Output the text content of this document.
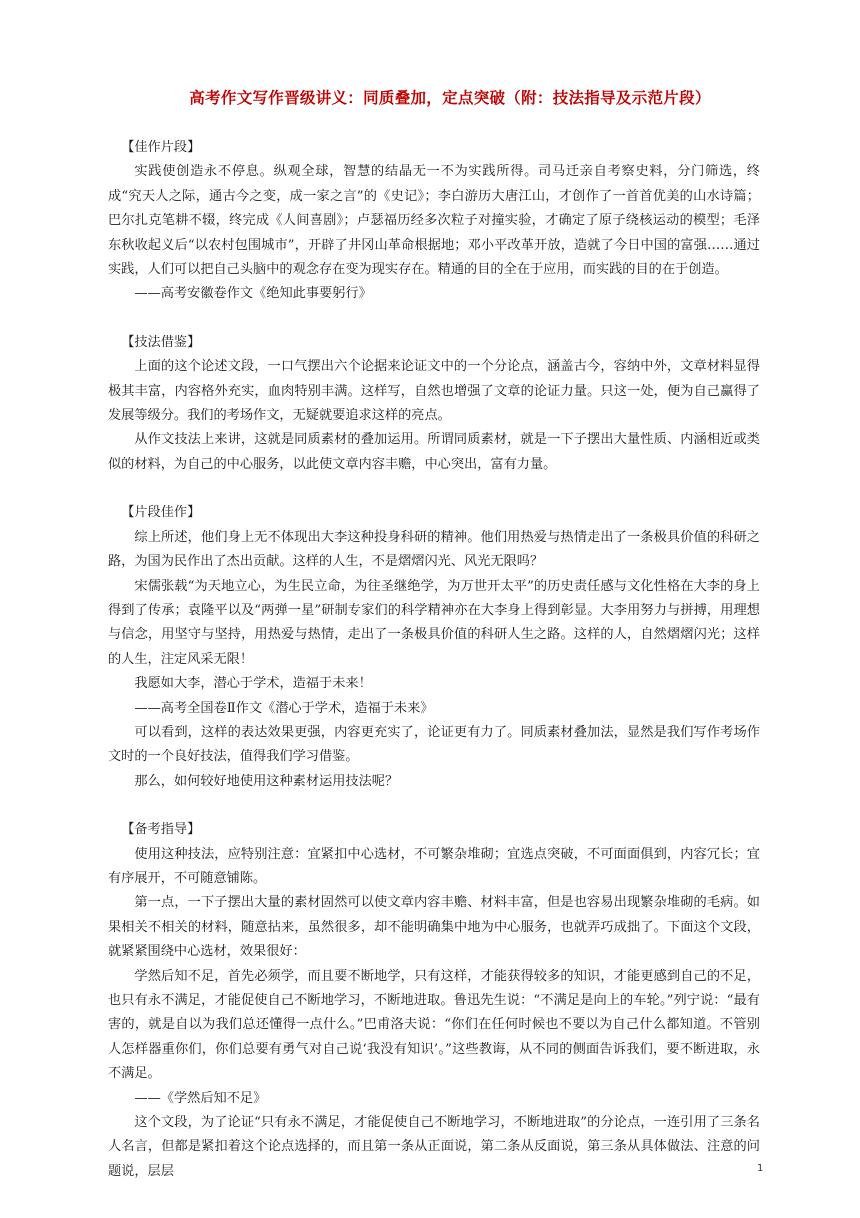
高考作文写作晋级讲义：同质叠加，定点突破（附：技法指导及示范片段）

【佳作片段】

实践使创造永不停息。纵观全球，智慧的结晶无一不为实践所得。司马迁亲自考察史料，分门筛选，终成“究天人之际，通古今之变，成一家之言”的《史记》；李白游历大唐江山，才创作了一首首优美的山水诗篇；巴尔扎克笔耕不辍，终完成《人间喜剧》；卢瑟福历经多次粒子对撞实验，才确定了原子绕核运动的模型；毛泽东秋收起义后“以农村包围城市”，开辟了井冈山革命根据地；邓小平改革开放，造就了今日中国的富强……通过实践，人们可以把自己头脑中的观念存在变为现实存在。精通的目的全在于应用，而实践的目的在于创造。

——高考安徽卷作文《绝知此事要躬行》

【技法借鉴】

上面的这个论述文段，一口气摆出六个论据来论证文中的一个分论点，涵盖古今，容纳中外，文章材料显得极其丰富，内容格外充实，血肉特别丰满。这样写，自然也增强了文章的论证力量。只这一处，便为自己赢得了发展等级分。我们的考场作文，无疑就要追求这样的亮点。

从作文技法上来讲，这就是同质素材的叠加运用。所谓同质素材，就是一下子摆出大量性质、内涵相近或类似的材料，为自己的中心服务，以此使文章内容丰赡，中心突出，富有力量。

【片段佳作】

综上所述，他们身上无不体现出大李这种投身科研的精神。他们用热爱与热情走出了一条极具价值的科研之路，为国为民作出了杰出贡献。这样的人生，不是熠熠闪光、风光无限吗？

宋儒张载“为天地立心，为生民立命，为往圣继绝学，为万世开太平”的历史责任感与文化性格在大李的身上得到了传承；袁隆平以及“两弹一星”研制专家们的科学精神亦在大李身上得到彰显。大李用努力与拼搏，用理想与信念，用坚守与坚持，用热爱与热情，走出了一条极具价值的科研人生之路。这样的人，自然熠熠闪光；这样的人生，注定风采无限！

我愿如大李，潜心于学术，造福于未来！

——高考全国卷Ⅱ作文《潜心于学术，造福于未来》

可以看到，这样的表达效果更强，内容更充实了，论证更有力了。同质素材叠加法，显然是我们写作考场作文时的一个良好技法，值得我们学习借鉴。

那么，如何较好地使用这种素材运用技法呢？

【备考指导】

使用这种技法，应特别注意：宜紧扣中心选材，不可繁杂堆砌；宜选点突破，不可面面俱到，内容冗长；宜有序展开，不可随意铺陈。

第一点，一下子摆出大量的素材固然可以使文章内容丰赡、材料丰富，但是也容易出现繁杂堆砌的毛病。如果相关不相关的材料，随意拈来，虽然很多，却不能明确集中地为中心服务，也就弄巧成拙了。下面这个文段，就紧紧围绕中心选材，效果很好：

学然后知不足，首先必须学，而且要不断地学，只有这样，才能获得较多的知识，才能更感到自己的不足，也只有永不满足，才能促使自己不断地学习，不断地进取。鲁迅先生说：“不满足是向上的车轮。”列宁说：“最有害的，就是自以为我们总还懂得一点什么。”巴甫洛夫说：“你们在任何时候也不要以为自己什么都知道。不管别人怎样器重你们，你们总要有勇气对自己说‘我没有知识’。”这些教诲，从不同的侧面告诉我们，要不断进取，永不满足。

——《学然后知不足》

这个文段，为了论证“只有永不满足，才能促使自己不断地学习，不断地进取”的分论点，一连引用了三条名人名言，但都是紧扣着这个论点选择的，而且第一条从正面说，第二条从反面说，第三条从具体做法、注意的问题说，层层	1
